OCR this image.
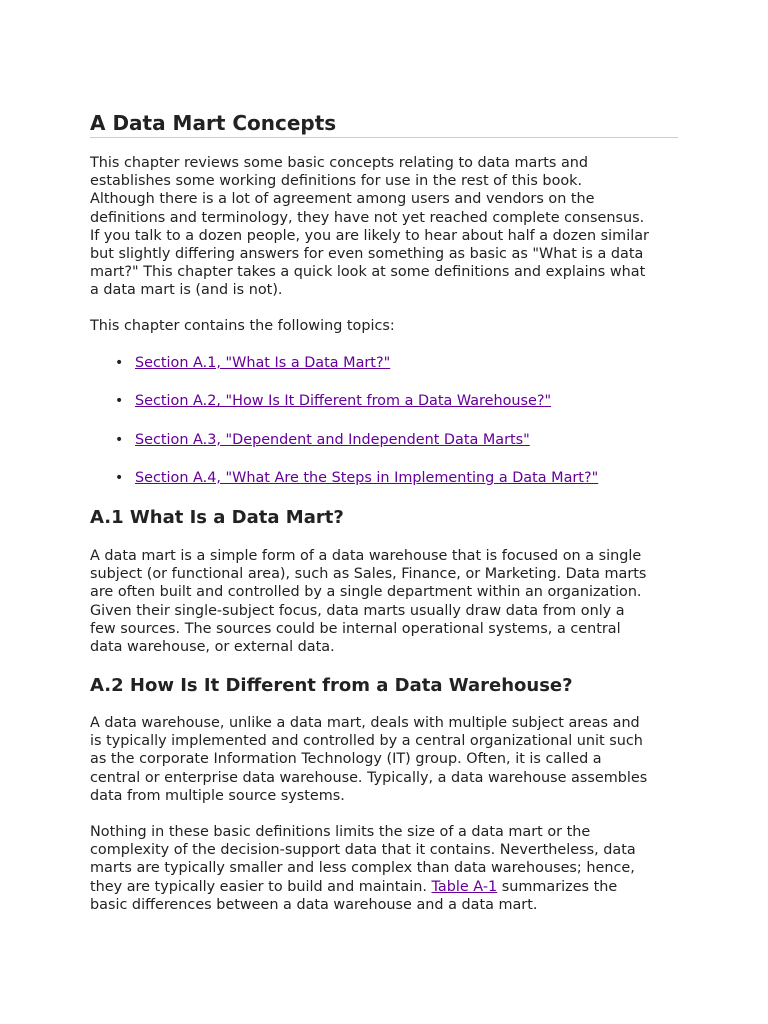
A Data Mart Concepts

This chapter reviews some basic concepts relating to data marts and
establishes some working definitions for use in the rest of this book.
Although there is a lot of agreement among users and vendors on the
definitions and terminology, they have not yet reached complete consensus.
If you talk to a dozen people, you are likely to hear about half a dozen similar
but slightly differing answers for even something as basic as "What is a data
mart?" This chapter takes a quick look at some definitions and explains what
a data mart is (and is not).

This chapter contains the following topics:

• Section A.1, "What Is a Data Mart?"
• Section A.2, "How Is It Different from a Data Warehouse?"
• Section A.3, "Dependent and Independent Data Marts"
• Section A.4, "What Are the Steps in Implementing a Data Mart?"
A.1 What Is a Data Mart?

A data mart is a simple form of a data warehouse that is focused on a single
subject (or functional area), such as Sales, Finance, or Marketing. Data marts
are often built and controlled by a single department within an organization.
Given their single-subject focus, data marts usually draw data from only a
few sources. The sources could be internal operational systems, a central
data warehouse, or external data.

A.2 How Is It Different from a Data Warehouse?

A data warehouse, unlike a data mart, deals with multiple subject areas and
is typically implemented and controlled by a central organizational unit such
as the corporate Information Technology (IT) group. Often, it is called a
central or enterprise data warehouse. Typically, a data warehouse assembles
data from multiple source systems.

Nothing in these basic definitions limits the size of a data mart or the
complexity of the decision-support data that it contains. Nevertheless, data
marts are typically smaller and less complex than data warehouses; hence,
they are typically easier to build and maintain. Table A-1 summarizes the
basic differences between a data warehouse and a data mart.
